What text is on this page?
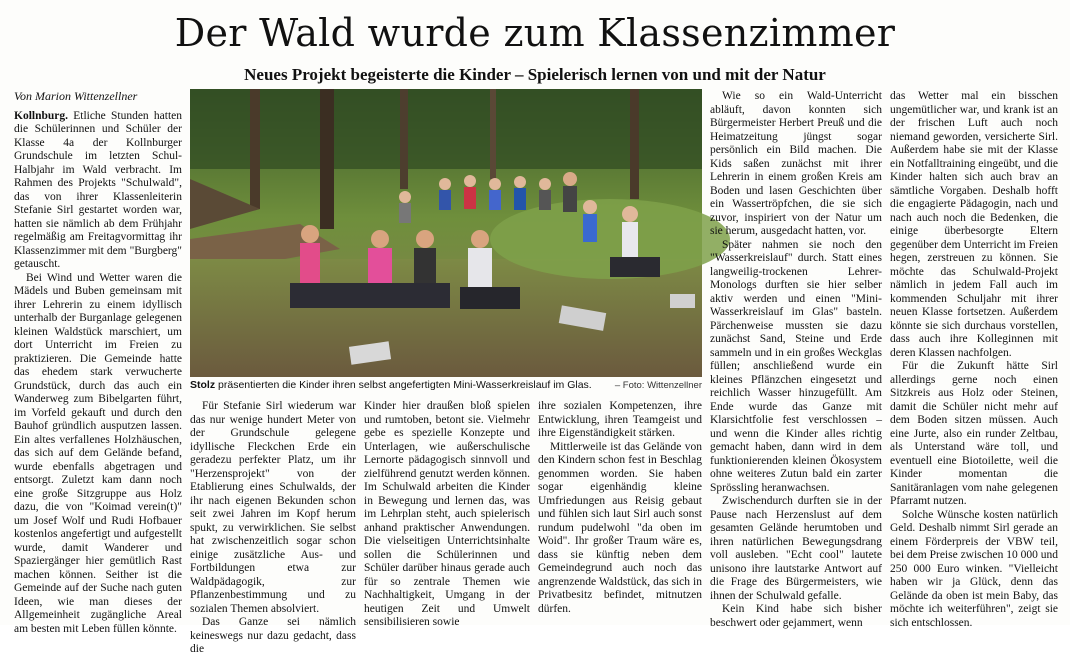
Der Wald wurde zum Klassenzimmer
Neues Projekt begeisterte die Kinder – Spielerisch lernen von und mit der Natur

Von Marion Wittenzellner

Kollnburg. Etliche Stunden hatten die Schülerinnen und Schüler der Klasse 4a der Kollnburger Grundschule im letzten Schul-Halbjahr im Wald verbracht. Im Rahmen des Projekts "Schulwald", das von ihrer Klassenleiterin Stefanie Sirl gestartet worden war, hatten sie nämlich ab dem Frühjahr regelmäßig am Freitagvormittag ihr Klassenzimmer mit dem "Burgberg" getauscht.

Bei Wind und Wetter waren die Mädels und Buben gemeinsam mit ihrer Lehrerin zu einem idyllisch unterhalb der Burganlage gelegenen kleinen Waldstück marschiert, um dort Unterricht im Freien zu praktizieren. Die Gemeinde hatte das ehedem stark verwucherte Grundstück, durch das auch ein Wanderweg zum Bibelgarten führt, im Vorfeld gekauft und durch den Bauhof gründlich ausputzen lassen. Ein altes verfallenes Holzhäuschen, das sich auf dem Gelände befand, wurde ebenfalls abgetragen und entsorgt. Zuletzt kam dann noch eine große Sitzgruppe aus Holz dazu, die von "Koimad verein(t)" um Josef Wolf und Rudi Hofbauer kostenlos angefertigt und aufgestellt wurde, damit Wanderer und Spaziergänger hier gemütlich Rast machen können. Seither ist die Gemeinde auf der Suche nach guten Ideen, wie man dieses der Allgemeinheit zugängliche Areal am besten mit Leben füllen könnte.

Stolz präsentierten die Kinder ihren selbst angefertigten Mini-Wasserkreislauf im Glas. – Foto: Wittenzellner

Für Stefanie Sirl wiederum war das nur wenige hundert Meter von der Grundschule gelegene idyllische Fleckchen Erde ein geradezu perfekter Platz, um ihr "Herzensprojekt" von der Etablierung eines Schulwalds, der ihr nach eigenen Bekunden schon seit zwei Jahren im Kopf herum spukt, zu verwirklichen. Sie selbst hat zwischenzeitlich sogar schon einige zusätzliche Aus- und Fortbildungen etwa zur Waldpädagogik, zur Pflanzenbestimmung und zu sozialen Themen absolviert.

Das Ganze sei nämlich keineswegs nur dazu gedacht, dass die

Kinder hier draußen bloß spielen und rumtoben, betont sie. Vielmehr gebe es spezielle Konzepte und Unterlagen, wie außerschulische Lernorte pädagogisch sinnvoll und zielführend genutzt werden können. Im Schulwald arbeiten die Kinder in Bewegung und lernen das, was im Lehrplan steht, auch spielerisch anhand praktischer Anwendungen. Die vielseitigen Unterrichtsinhalte sollen die Schülerinnen und Schüler darüber hinaus gerade auch für so zentrale Themen wie Nachhaltigkeit, Umgang in der heutigen Zeit und Umwelt sensibilisieren sowie

ihre sozialen Kompetenzen, ihre Entwicklung, ihren Teamgeist und ihre Eigenständigkeit stärken.

Mittlerweile ist das Gelände von den Kindern schon fest in Beschlag genommen worden. Sie haben sogar eigenhändig kleine Umfriedungen aus Reisig gebaut und fühlen sich laut Sirl auch sonst rundum pudelwohl "da oben im Woid". Ihr großer Traum wäre es, dass sie künftig neben dem Gemeindegrund auch noch das angrenzende Waldstück, das sich in Privatbesitz befindet, mitnutzen dürfen.

Wie so ein Wald-Unterricht abläuft, davon konnten sich Bürgermeister Herbert Preuß und die Heimatzeitung jüngst sogar persönlich ein Bild machen. Die Kids saßen zunächst mit ihrer Lehrerin in einem großen Kreis am Boden und lasen Geschichten über ein Wassertröpfchen, die sie sich zuvor, inspiriert von der Natur um sie herum, ausgedacht hatten, vor.

Später nahmen sie noch den "Wasserkreislauf" durch. Statt eines langweilig-trockenen Lehrer-Monologs durften sie hier selber aktiv werden und einen "Mini-Wasserkreislauf im Glas" basteln. Pärchenweise mussten sie dazu zunächst Sand, Steine und Erde sammeln und in ein großes Weckglas füllen; anschließend wurde ein kleines Pflänzchen eingesetzt und reichlich Wasser hinzugefüllt. Am Ende wurde das Ganze mit Klarsichtfolie fest verschlossen – und wenn die Kinder alles richtig gemacht haben, dann wird in dem funktionierenden kleinen Ökosystem ohne weiteres Zutun bald ein zarter Sprössling heranwachsen.

Zwischendurch durften sie in der Pause nach Herzenslust auf dem gesamten Gelände herumtoben und ihren natürlichen Bewegungsdrang voll ausleben. "Echt cool" lautete unisono ihre lautstarke Antwort auf die Frage des Bürgermeisters, wie ihnen der Schulwald gefalle.

Kein Kind habe sich bisher beschwert oder gejammert, wenn

das Wetter mal ein bisschen ungemütlicher war, und krank ist an der frischen Luft auch noch niemand geworden, versicherte Sirl. Außerdem habe sie mit der Klasse ein Notfalltraining eingeübt, und die Kinder halten sich auch brav an sämtliche Vorgaben. Deshalb hofft die engagierte Pädagogin, nach und nach auch noch die Bedenken, die einige überbesorgte Eltern gegenüber dem Unterricht im Freien hegen, zerstreuen zu können. Sie möchte das Schulwald-Projekt nämlich in jedem Fall auch im kommenden Schuljahr mit ihrer neuen Klasse fortsetzen. Außerdem könnte sie sich durchaus vorstellen, dass auch ihre Kolleginnen mit deren Klassen nachfolgen.

Für die Zukunft hätte Sirl allerdings gerne noch einen Sitzkreis aus Holz oder Steinen, damit die Schüler nicht mehr auf dem Boden sitzen müssen. Auch eine Jurte, also ein runder Zeltbau, als Unterstand wäre toll, und eventuell eine Biotoilette, weil die Kinder momentan die Sanitäranlagen vom nahe gelegenen Pfarramt nutzen.

Solche Wünsche kosten natürlich Geld. Deshalb nimmt Sirl gerade an einem Förderpreis der VBW teil, bei dem Preise zwischen 10 000 und 250 000 Euro winken. "Vielleicht haben wir ja Glück, denn das Gelände da oben ist mein Baby, das möchte ich weiterführen", zeigt sie sich entschlossen.
